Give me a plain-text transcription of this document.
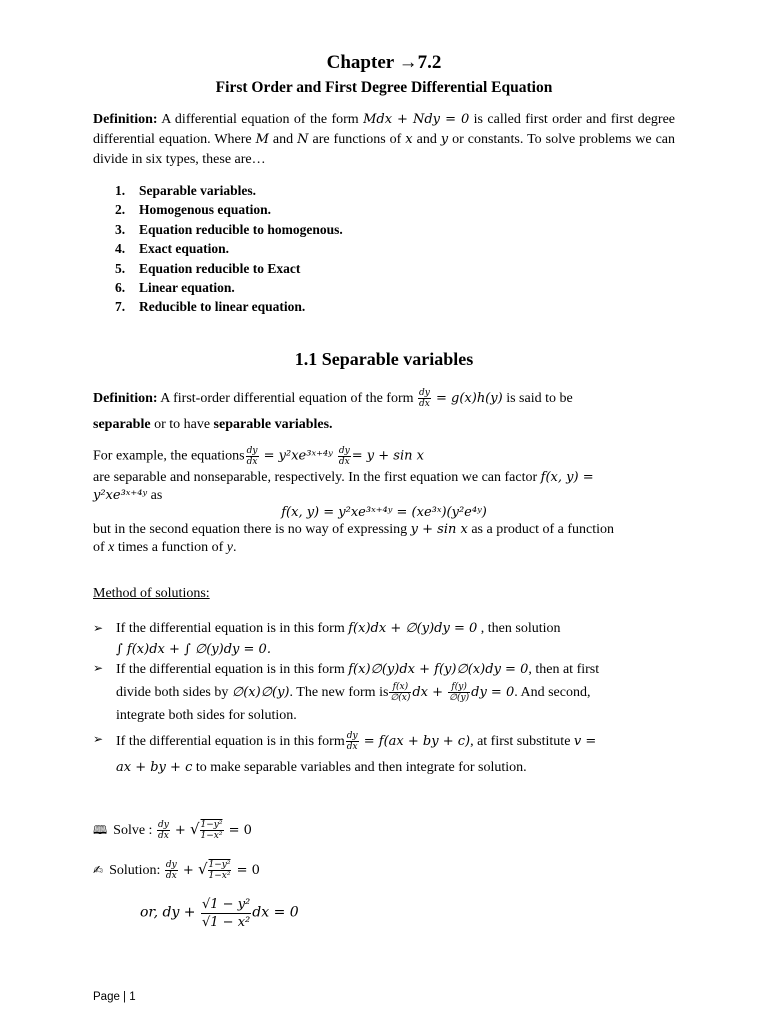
Chapter →7.2
First Order and First Degree Differential Equation
Definition: A differential equation of the form Mdx + Ndy = 0 is called first order and first degree differential equation. Where M and N are functions of x and y or constants. To solve problems we can divide in six types, these are…
1. Separable variables.
2. Homogenous equation.
3. Equation reducible to homogenous.
4. Exact equation.
5. Equation reducible to Exact
6. Linear equation.
7. Reducible to linear equation.
1.1 Separable variables
Definition: A first-order differential equation of the form $\frac{dy}{dx} = g(x)h(y)$ is said to be
separable or to have separable variables.
For example, the equations $\frac{dy}{dx}$ = y²xe³ˣ⁺⁴ʸ $\frac{dy}{dx} = y + \sin x$
are separable and nonseparable, respectively. In the first equation we can factor f(x, y) =
y²xe³ˣ⁺⁴ʸ as
f(x, y) = y²xe³ˣ⁺⁴ʸ = (xe³ˣ)(y²e⁴ʸ)
but in the second equation there is no way of expressing y + sin x as a product of a function
of x times a function of y.
Method of solutions:
➢ If the differential equation is in this form f(x)dx + ∅(y)dy = 0 , then solution
∫ f(x)dx + ∫ ∅(y)dy = 0.
➢ If the differential equation is in this form f(x)∅(y)dx + f(y)∅(x)dy = 0, then at first
divide both sides by ∅(x)∅(y). The new form is $\frac{f(x)}{\emptyset(x)}$ dx + $\frac{f(y)}{\emptyset(y)}$ dy = 0. And second,
integrate both sides for solution.
➢ If the differential equation is in this form $\frac{dy}{dx} = f(ax$ + by + c), at first substitute v =
ax + by + c to make separable variables and then integrate for solution.
🕮 Solve : $\frac{dy}{dx}$ + √ $\frac{\text{1−y²}}{\text{1−x²}} = 0$
✍ Solution: $\frac{dy}{dx}$ + √ $\frac{\text{1−y²}}{\text{1−x²}} = 0$
or, dy + $\frac{\text{√1 − y²}}{\text{√1 − x²}}$ dx = 0
Page | 1
